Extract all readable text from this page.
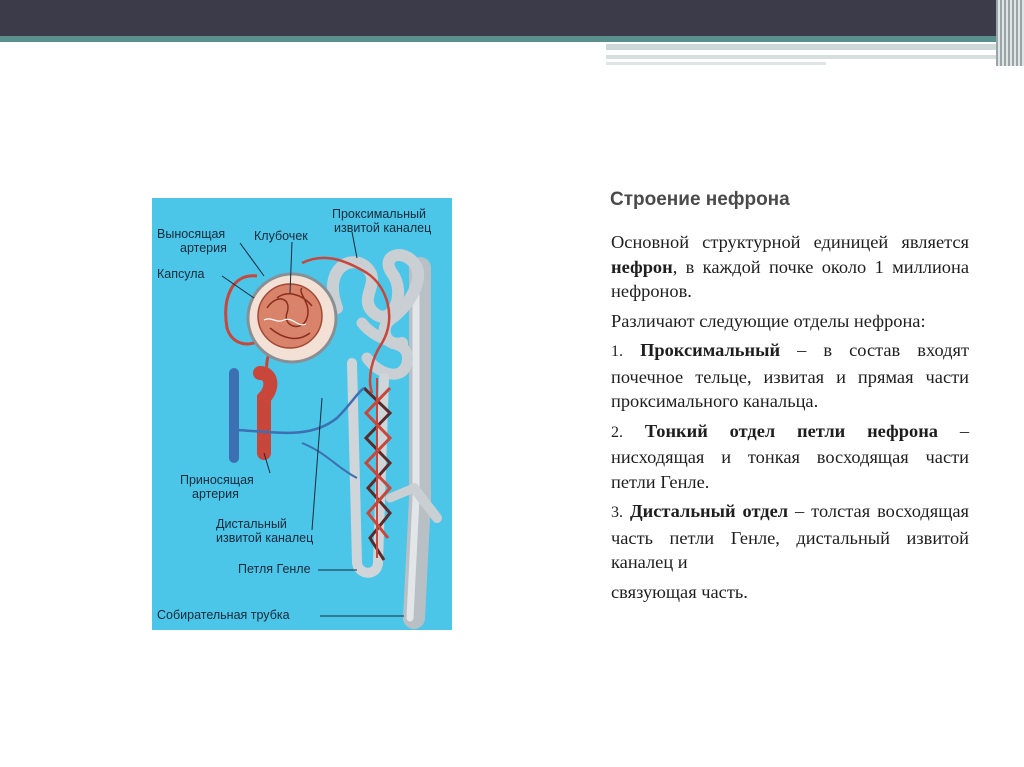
Выносящая
артерия
Клубочек
Проксимальный
извитой каналец
Капсула
Приносящая
артерия
Дистальный
извитой каналец
Петля Генле
Собирательная трубка
Строение нефрона

Основной структурной единицей является нефрон, в каждой почке около 1 миллиона нефронов.

Различают следующие отделы нефрона:

1. Проксимальный – в состав входят почечное тельце, извитая и прямая части проксимального канальца.

2. Тонкий отдел петли нефрона – нисходящая и тонкая восходящая части петли Генле.

3. Дистальный отдел – толстая восходящая часть петли Генле, дистальный извитой каналец и

связующая часть.
